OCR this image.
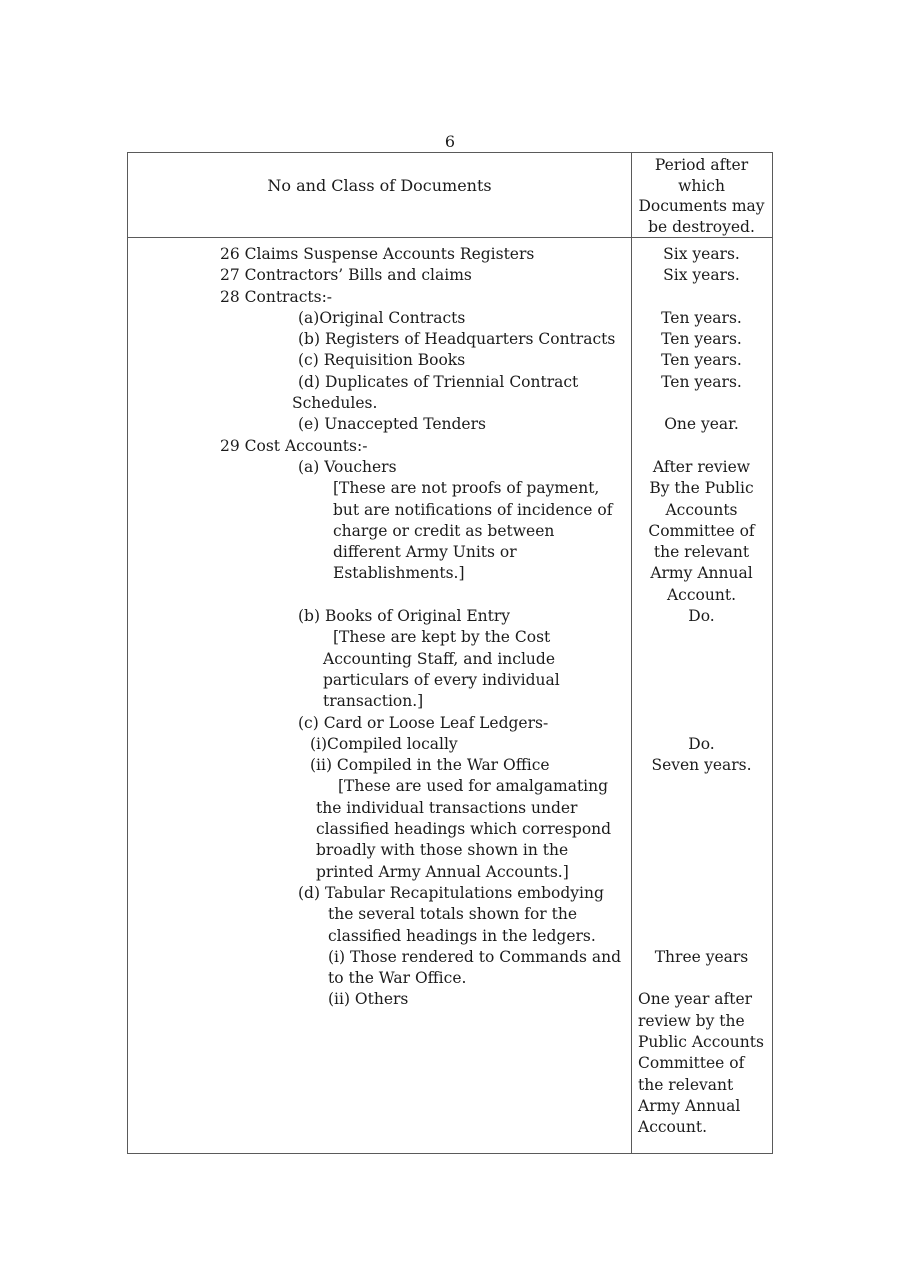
6
No and Class of Documents
Period after
which
Documents may
be destroyed.
26 Claims Suspense Accounts Registers
27 Contractors’ Bills and claims
28 Contracts:-
(a)Original Contracts
(b) Registers of Headquarters Contracts
(c) Requisition Books
(d) Duplicates of Triennial Contract
Schedules.
(e) Unaccepted Tenders
29 Cost Accounts:-
(a) Vouchers
[These are not proofs of payment,
but are notifications of incidence of
charge or credit as between
different Army Units or
Establishments.]
(b) Books of Original Entry
[These are kept by the Cost
Accounting Staff, and include
particulars of every individual
transaction.]
(c) Card or Loose Leaf Ledgers-
(i)Compiled locally
(ii) Compiled in the War Office
[These are used for amalgamating
the individual transactions under
classified headings which correspond
broadly with those shown in the
printed Army Annual Accounts.]
(d) Tabular Recapitulations embodying
the several totals shown for the
classified headings in the ledgers.
(i) Those rendered to Commands and
to the War Office.
(ii) Others
Six years.
Six years.
Ten years.
Ten years.
Ten years.
Ten years.
One year.
After review
By the Public
Accounts
Committee of
the relevant
Army Annual
Account.
Do.
Do.
Seven years.
Three years
One year after
review by the
Public Accounts
Committee of
the relevant
Army Annual
Account.
